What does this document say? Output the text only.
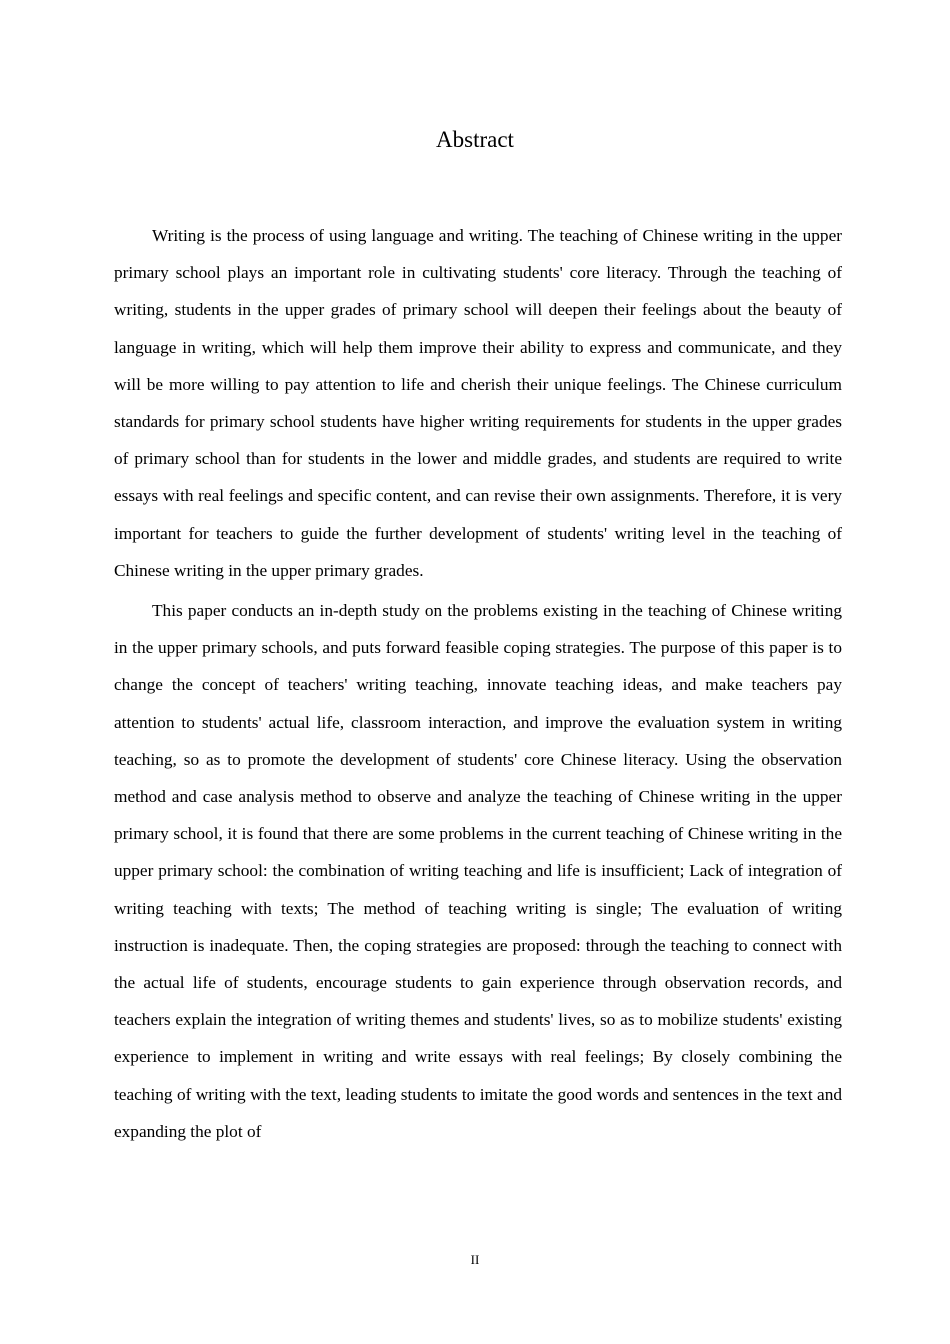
Abstract

Writing is the process of using language and writing. The teaching of Chinese writing in the upper primary school plays an important role in cultivating students' core literacy. Through the teaching of writing, students in the upper grades of primary school will deepen their feelings about the beauty of language in writing, which will help them improve their ability to express and communicate, and they will be more willing to pay attention to life and cherish their unique feelings. The Chinese curriculum standards for primary school students have higher writing requirements for students in the upper grades of primary school than for students in the lower and middle grades, and students are required to write essays with real feelings and specific content, and can revise their own assignments. Therefore, it is very important for teachers to guide the further development of students' writing level in the teaching of Chinese writing in the upper primary grades.

This paper conducts an in-depth study on the problems existing in the teaching of Chinese writing in the upper primary schools, and puts forward feasible coping strategies. The purpose of this paper is to change the concept of teachers' writing teaching, innovate teaching ideas, and make teachers pay attention to students' actual life, classroom interaction, and improve the evaluation system in writing teaching, so as to promote the development of students' core Chinese literacy. Using the observation method and case analysis method to observe and analyze the teaching of Chinese writing in the upper primary school, it is found that there are some problems in the current teaching of Chinese writing in the upper primary school: the combination of writing teaching and life is insufficient; Lack of integration of writing teaching with texts; The method of teaching writing is single; The evaluation of writing instruction is inadequate. Then, the coping strategies are proposed: through the teaching to connect with the actual life of students, encourage students to gain experience through observation records, and teachers explain the integration of writing themes and students' lives, so as to mobilize students' existing experience to implement in writing and write essays with real feelings; By closely combining the teaching of writing with the text, leading students to imitate the good words and sentences in the text and expanding the plot of

II
